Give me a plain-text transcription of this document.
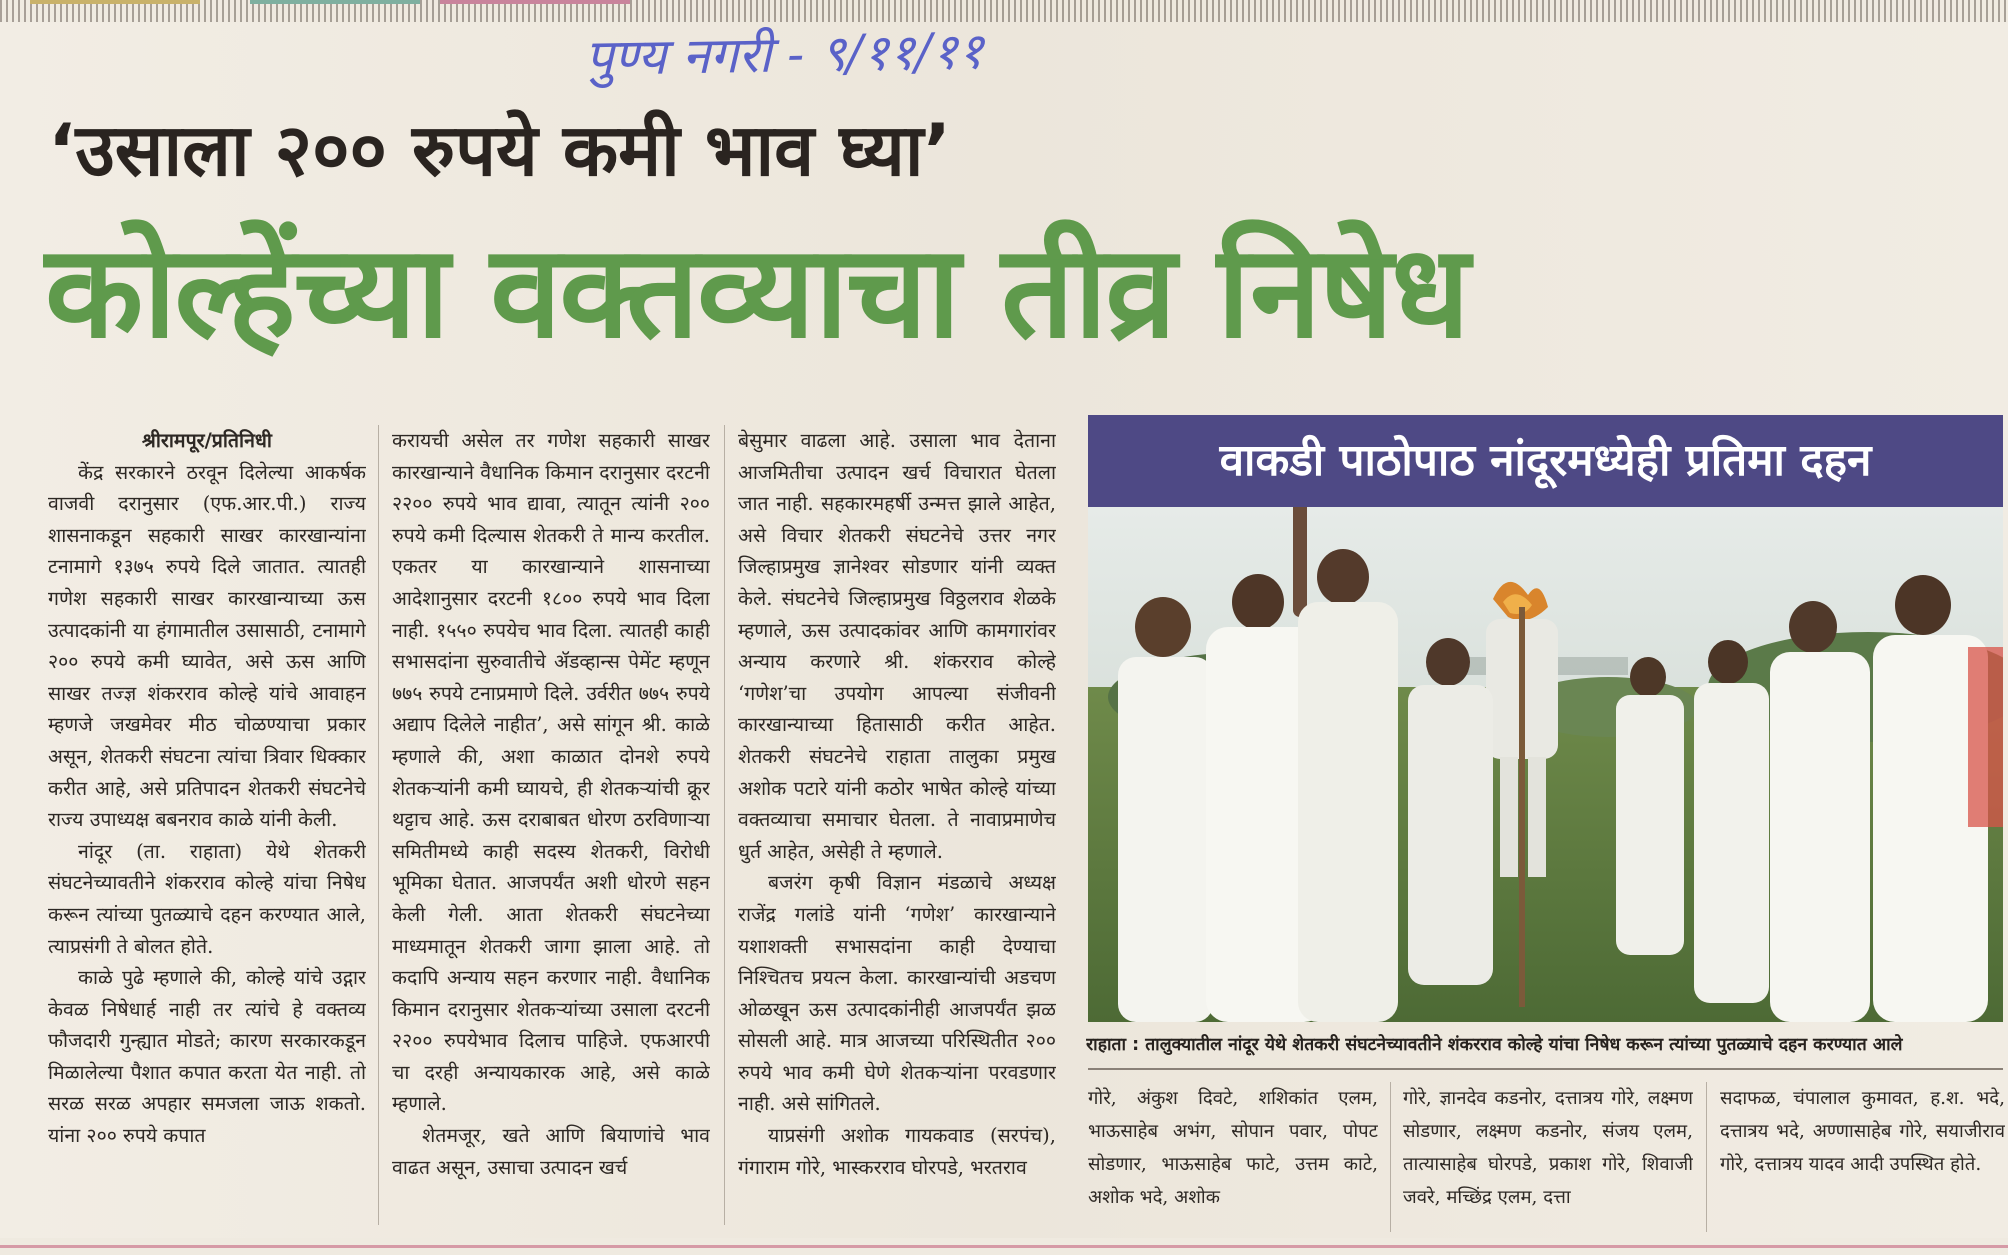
पुण्य नगरी - ९/११/११
‘उसाला २०० रुपये कमी भाव घ्या’
कोल्हेंच्या वक्तव्याचा तीव्र निषेध

श्रीरामपूर/प्रतिनिधी

केंद्र सरकारने ठरवून दिलेल्या आकर्षक वाजवी दरानुसार (एफ.आर.पी.) राज्य शासनाकडून सहकारी साखर कारखान्यांना टनामागे १३७५ रुपये दिले जातात. त्यातही गणेश सहकारी साखर कारखान्याच्या ऊस उत्पादकांनी या हंगामातील उसासाठी, टनामागे २०० रुपये कमी घ्यावेत, असे ऊस आणि साखर तज्ज्ञ शंकरराव कोल्हे यांचे आवाहन म्हणजे जखमेवर मीठ चोळण्याचा प्रकार असून, शेतकरी संघटना त्यांचा त्रिवार धिक्कार करीत आहे, असे प्रतिपादन शेतकरी संघटनेचे राज्य उपाध्यक्ष बबनराव काळे यांनी केली.

नांदूर (ता. राहाता) येथे शेतकरी संघटनेच्यावतीने शंकरराव कोल्हे यांचा निषेध करून त्यांच्या पुतळ्याचे दहन करण्यात आले, त्याप्रसंगी ते बोलत होते.

काळे पुढे म्हणाले की, कोल्हे यांचे उद्गार केवळ निषेधार्ह नाही तर त्यांचे हे वक्तव्य फौजदारी गुन्ह्यात मोडते; कारण सरकारकडून मिळालेल्या पैशात कपात करता येत नाही. तो सरळ सरळ अपहार समजला जाऊ शकतो. यांना २०० रुपये कपात

करायची असेल तर गणेश सहकारी साखर कारखान्याने वैधानिक किमान दरानुसार दरटनी २२०० रुपये भाव द्यावा, त्यातून त्यांनी २०० रुपये कमी दिल्यास शेतकरी ते मान्य करतील. एकतर या कारखान्याने शासनाच्या आदेशानुसार दरटनी १८०० रुपये भाव दिला नाही. १५५० रुपयेच भाव दिला. त्यातही काही सभासदांना सुरुवातीचे ॲडव्हान्स पेमेंट म्हणून ७७५ रुपये टनाप्रमाणे दिले. उर्वरीत ७७५ रुपये अद्याप दिलेले नाहीत’, असे सांगून श्री. काळे म्हणाले की, अशा काळात दोनशे रुपये शेतकऱ्यांनी कमी घ्यायचे, ही शेतकऱ्यांची क्रूर थट्टाच आहे. ऊस दराबाबत धोरण ठरविणाऱ्या समितीमध्ये काही सदस्य शेतकरी, विरोधी भूमिका घेतात. आजपर्यंत अशी धोरणे सहन केली गेली. आता शेतकरी संघटनेच्या माध्यमातून शेतकरी जागा झाला आहे. तो कदापि अन्याय सहन करणार नाही. वैधानिक किमान दरानुसार शेतकऱ्यांच्या उसाला दरटनी २२०० रुपयेभाव दिलाच पाहिजे. एफआरपी चा दरही अन्यायकारक आहे, असे काळे म्हणाले.

शेतमजूर, खते आणि बियाणांचे भाव वाढत असून, उसाचा उत्पादन खर्च

बेसुमार वाढला आहे. उसाला भाव देताना आजमितीचा उत्पादन खर्च विचारात घेतला जात नाही. सहकारमहर्षी उन्मत्त झाले आहेत, असे विचार शेतकरी संघटनेचे उत्तर नगर जिल्हाप्रमुख ज्ञानेश्वर सोडणार यांनी व्यक्त केले. संघटनेचे जिल्हाप्रमुख विठ्ठलराव शेळके म्हणाले, ऊस उत्पादकांवर आणि कामगारांवर अन्याय करणारे श्री. शंकरराव कोल्हे ‘गणेश’चा उपयोग आपल्या संजीवनी कारखान्याच्या हितासाठी करीत आहेत. शेतकरी संघटनेचे राहाता तालुका प्रमुख अशोक पटारे यांनी कठोर भाषेत कोल्हे यांच्या वक्तव्याचा समाचार घेतला. ते नावाप्रमाणेच धुर्त आहेत, असेही ते म्हणाले.

बजरंग कृषी विज्ञान मंडळाचे अध्यक्ष राजेंद्र गलांडे यांनी ‘गणेश’ कारखान्याने यशाशक्ती सभासदांना काही देण्याचा निश्चितच प्रयत्न केला. कारखान्यांची अडचण ओळखून ऊस उत्पादकांनीही आजपर्यंत झळ सोसली आहे. मात्र आजच्या परिस्थितीत २०० रुपये भाव कमी घेणे शेतकऱ्यांना परवडणार नाही. असे सांगितले.

याप्रसंगी अशोक गायकवाड (सरपंच), गंगाराम गोरे, भास्करराव घोरपडे, भरतराव

वाकडी पाठोपाठ नांदूरमध्येही प्रतिमा दहन
राहाता : तालुक्यातील नांदूर येथे शेतकरी संघटनेच्यावतीने शंकरराव कोल्हे यांचा निषेध करून त्यांच्या पुतळ्याचे दहन करण्यात आले

गोरे, अंकुश दिवटे, शशिकांत एलम, भाऊसाहेब अभंग, सोपान पवार, पोपट सोडणार, भाऊसाहेब फाटे, उत्तम काटे, अशोक भदे, अशोक

गोरे, ज्ञानदेव कडनोर, दत्तात्रय गोरे, लक्ष्मण सोडणार, लक्ष्मण कडनोर, संजय एलम, तात्यासाहेब घोरपडे, प्रकाश गोरे, शिवाजी जवरे, मच्छिंद्र एलम, दत्ता

सदाफळ, चंपालाल कुमावत, ह.श. भदे, दत्तात्रय भदे, अण्णासाहेब गोरे, सयाजीराव गोरे, दत्तात्रय यादव आदी उपस्थित होते.
